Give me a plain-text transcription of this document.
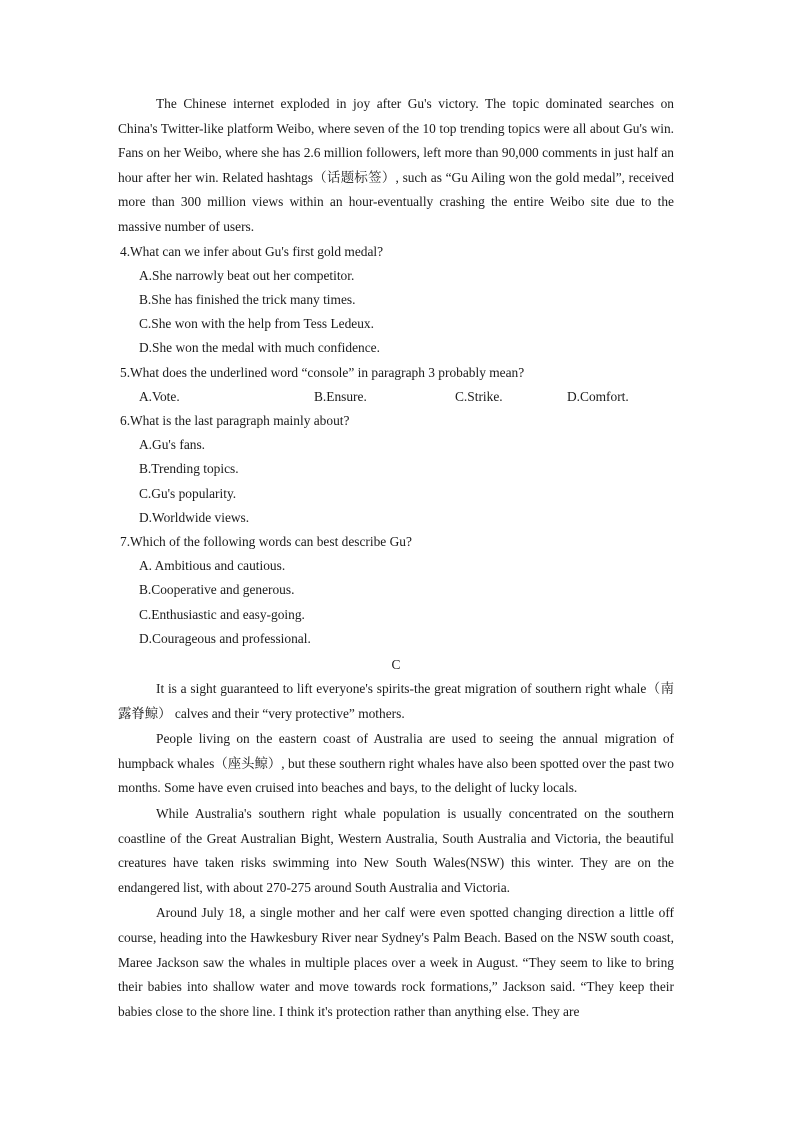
The Chinese internet exploded in joy after Gu's victory. The topic dominated searches on China's Twitter-like platform Weibo, where seven of the 10 top trending topics were all about Gu's win. Fans on her Weibo, where she has 2.6 million followers, left more than 90,000 comments in just half an hour after her win. Related hashtags（话题标签）, such as “Gu Ailing won the gold medal”, received more than 300 million views within an hour-eventually crashing the entire Weibo site due to the massive number of users.

4.What can we infer about Gu's first gold medal?

A.She narrowly beat out her competitor.

B.She has finished the trick many times.

C.She won with the help from Tess Ledeux.

D.She won the medal with much confidence.

5.What does the underlined word “console” in paragraph 3 probably mean?

A.Vote.	B.Ensure.	C.Strike.	D.Comfort.

6.What is the last paragraph mainly about?

A.Gu's fans.

B.Trending topics.

C.Gu's popularity.

D.Worldwide views.

7.Which of the following words can best describe Gu?

A. Ambitious and cautious.

B.Cooperative and generous.

C.Enthusiastic and easy-going.

D.Courageous and professional.

C

It is a sight guaranteed to lift everyone's spirits-the great migration of southern right whale（南露脊鲸） calves and their “very protective” mothers.

People living on the eastern coast of Australia are used to seeing the annual migration of humpback whales（座头鲸）, but these southern right whales have also been spotted over the past two months. Some have even cruised into beaches and bays, to the delight of lucky locals.

While Australia's southern right whale population is usually concentrated on the southern coastline of the Great Australian Bight, Western Australia, South Australia and Victoria, the beautiful creatures have taken risks swimming into New South Wales(NSW) this winter. They are on the endangered list, with about 270-275 around South Australia and Victoria.

Around July 18, a single mother and her calf were even spotted changing direction a little off course, heading into the Hawkesbury River near Sydney's Palm Beach. Based on the NSW south coast, Maree Jackson saw the whales in multiple places over a week in August. “They seem to like to bring their babies into shallow water and move towards rock formations,” Jackson said. “They keep their babies close to the shore line. I think it's protection rather than anything else. They are
